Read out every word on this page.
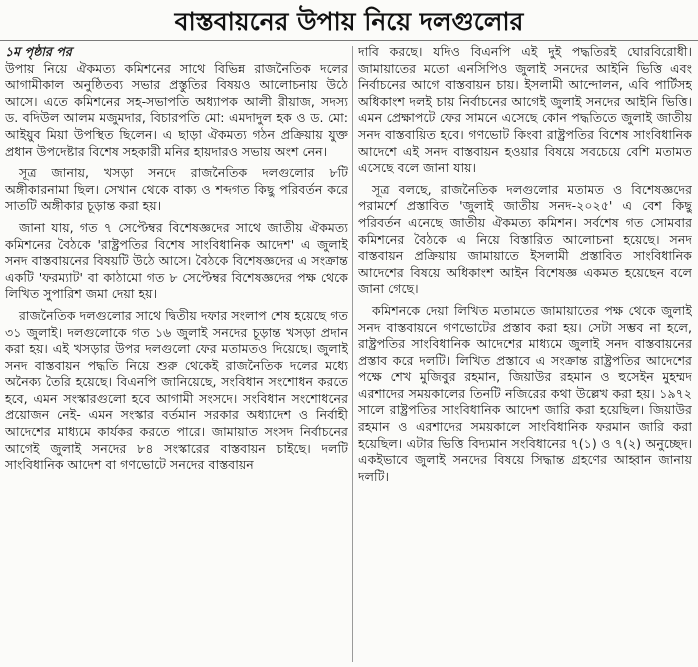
বাস্তবায়নের উপায় নিয়ে দলগুলোর

১ম পৃষ্ঠার পর
উপায় নিয়ে ঐকমত্য কমিশনের সাথে বিভিন্ন রাজনৈতিক দলের আগামীকাল অনুষ্ঠিতব্য সভার প্রস্তুতির বিষয়ও আলোচনায় উঠে আসে। এতে কমিশনের সহ-সভাপতি অধ্যাপক আলী রীয়াজ, সদস্য ড. বদিউল আলম মজুমদার, বিচারপতি মো: এমদাদুল হক ও ড. মো: আইয়ুব মিয়া উপস্থিত ছিলেন। এ ছাড়া ঐকমত্য গঠন প্রক্রিয়ায় যুক্ত প্রধান উপদেষ্টার বিশেষ সহকারী মনির হায়দারও সভায় অংশ নেন।

সূত্র জানায়, খসড়া সনদে রাজনৈতিক দলগুলোর ৮টি অঙ্গীকারনামা ছিল। সেখান থেকে বাক্য ও শব্দগত কিছু পরিবর্তন করে সাতটি অঙ্গীকার চূড়ান্ত করা হয়।

জানা যায়, গত ৭ সেপ্টেম্বর বিশেষজ্ঞদের সাথে জাতীয় ঐকমত্য কমিশনের বৈঠকে 'রাষ্ট্রপতির বিশেষ সাংবিধানিক আদেশ' এ জুলাই সনদ বাস্তবায়নের বিষয়টি উঠে আসে। বৈঠকে বিশেষজ্ঞদের এ সংক্রান্ত একটি 'ফরম্যাট' বা কাঠামো গত ৮ সেপ্টেম্বর বিশেষজ্ঞদের পক্ষ থেকে লিখিত সুপারিশ জমা দেয়া হয়।

রাজনৈতিক দলগুলোর সাথে দ্বিতীয় দফার সংলাপ শেষ হয়েছে গত ৩১ জুলাই। দলগুলোকে গত ১৬ জুলাই সনদের চূড়ান্ত খসড়া প্রদান করা হয়। এই খসড়ার উপর দলগুলো ফের মতামতও দিয়েছে। জুলাই সনদ বাস্তবায়ন পদ্ধতি নিয়ে শুরু থেকেই রাজনৈতিক দলের মধ্যে অনৈক্য তৈরি হয়েছে। বিএনপি জানিয়েছে, সংবিধান সংশোধন করতে হবে, এমন সংস্কারগুলো হবে আগামী সংসদে। সংবিধান সংশোধনের প্রয়োজন নেই- এমন সংস্কার বর্তমান সরকার অধ্যাদেশ ও নির্বাহী আদেশের মাধ্যমে কার্যকর করতে পারে। জামায়াত সংসদ নির্বাচনের আগেই জুলাই সনদের ৮৪ সংস্কারের বাস্তবায়ন চাইছে। দলটি সাংবিধানিক আদেশ বা গণভোটে সনদের বাস্তবায়ন

দাবি করছে। যদিও বিএনপি এই দুই পদ্ধতিরই ঘোরবিরোধী। জামায়াতের মতো এনসিপিও জুলাই সনদের আইনি ভিত্তি এবং নির্বাচনের আগে বাস্তবায়ন চায়। ইসলামী আন্দোলন, এবি পার্টিসহ অধিকাংশ দলই চায় নির্বাচনের আগেই জুলাই সনদের আইনি ভিত্তি। এমন প্রেক্ষাপটে ফের সামনে এসেছে কোন পদ্ধতিতে জুলাই জাতীয় সনদ বাস্তবায়িত হবে। গণভোট কিংবা রাষ্ট্রপতির বিশেষ সাংবিধানিক আদেশে এই সনদ বাস্তবায়ন হওয়ার বিষয়ে সবচেয়ে বেশি মতামত এসেছে বলে জানা যায়।

সূত্র বলছে, রাজনৈতিক দলগুলোর মতামত ও বিশেষজ্ঞদের পরামর্শে প্রস্তাবিত 'জুলাই জাতীয় সনদ-২০২৫' এ বেশ কিছু পরিবর্তন এনেছে জাতীয় ঐকমত্য কমিশন। সর্বশেষ গত সোমবার কমিশনের বৈঠকে এ নিয়ে বিস্তারিত আলোচনা হয়েছে। সনদ বাস্তবায়ন প্রক্রিয়ায় জামায়াতে ইসলামী প্রস্তাবিত সাংবিধানিক আদেশের বিষয়ে অধিকাংশ আইন বিশেষজ্ঞ একমত হয়েছেন বলে জানা গেছে।

কমিশনকে দেয়া লিখিত মতামতে জামায়াতের পক্ষ থেকে জুলাই সনদ বাস্তবায়নে গণভোটের প্রস্তাব করা হয়। সেটা সম্ভব না হলে, রাষ্ট্রপতির সাংবিধানিক আদেশের মাধ্যমে জুলাই সনদ বাস্তবায়নের প্রস্তাব করে দলটি। লিখিত প্রস্তাবে এ সংক্রান্ত রাষ্ট্রপতির আদেশের পক্ষে শেখ মুজিবুর রহমান, জিয়াউর রহমান ও হুসেইন মুহম্মদ এরশাদের সময়কালের তিনটি নজিরের কথা উল্লেখ করা হয়। ১৯৭২ সালে রাষ্ট্রপতির সাংবিধানিক আদেশ জারি করা হয়েছিল। জিয়াউর রহমান ও এরশাদের সময়কালে সাংবিধানিক ফরমান জারি করা হয়েছিল। এটার ভিত্তি বিদ্যমান সংবিধানের ৭(১) ও ৭(২) অনুচ্ছেদ। একইভাবে জুলাই সনদের বিষয়ে সিদ্ধান্ত গ্রহণের আহ্বান জানায় দলটি।
